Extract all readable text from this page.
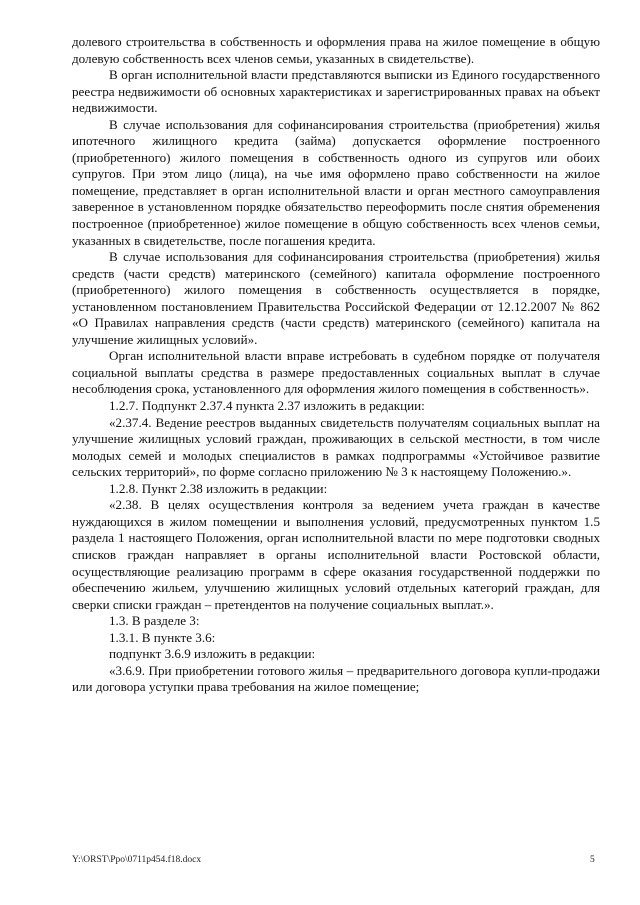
долевого строительства в собственность и оформления права на жилое помещение в общую долевую собственность всех членов семьи, указанных в свидетельстве).

В орган исполнительной власти представляются выписки из Единого государственного реестра недвижимости об основных характеристиках и зарегистрированных правах на объект недвижимости.

В случае использования для софинансирования строительства (приобретения) жилья ипотечного жилищного кредита (займа) допускается оформление построенного (приобретенного) жилого помещения в собственность одного из супругов или обоих супругов. При этом лицо (лица), на чье имя оформлено право собственности на жилое помещение, представляет в орган исполнительной власти и орган местного самоуправления заверенное в установленном порядке обязательство переоформить после снятия обременения построенное (приобретенное) жилое помещение в общую собственность всех членов семьи, указанных в свидетельстве, после погашения кредита.

В случае использования для софинансирования строительства (приобретения) жилья средств (части средств) материнского (семейного) капитала оформление построенного (приобретенного) жилого помещения в собственность осуществляется в порядке, установленном постановлением Правительства Российской Федерации от 12.12.2007 № 862 «О Правилах направления средств (части средств) материнского (семейного) капитала на улучшение жилищных условий».

Орган исполнительной власти вправе истребовать в судебном порядке от получателя социальной выплаты средства в размере предоставленных социальных выплат в случае несоблюдения срока, установленного для оформления жилого помещения в собственность».

1.2.7. Подпункт 2.37.4 пункта 2.37 изложить в редакции:

«2.37.4. Ведение реестров выданных свидетельств получателям социальных выплат на улучшение жилищных условий граждан, проживающих в сельской местности, в том числе молодых семей и молодых специалистов в рамках подпрограммы «Устойчивое развитие сельских территорий», по форме согласно приложению № 3 к настоящему Положению.».

1.2.8. Пункт 2.38 изложить в редакции:

«2.38. В целях осуществления контроля за ведением учета граждан в качестве нуждающихся в жилом помещении и выполнения условий, предусмотренных пунктом 1.5 раздела 1 настоящего Положения, орган исполнительной власти по мере подготовки сводных списков граждан направляет в органы исполнительной власти Ростовской области, осуществляющие реализацию программ в сфере оказания государственной поддержки по обеспечению жильем, улучшению жилищных условий отдельных категорий граждан, для сверки списки граждан – претендентов на получение социальных выплат.».

1.3. В разделе 3:

1.3.1. В пункте 3.6:

подпункт 3.6.9 изложить в редакции:

«3.6.9. При приобретении готового жилья – предварительного договора купли-продажи или договора уступки права требования на жилое помещение;

Y:\ORST\Ppo\0711p454.f18.docx	5
